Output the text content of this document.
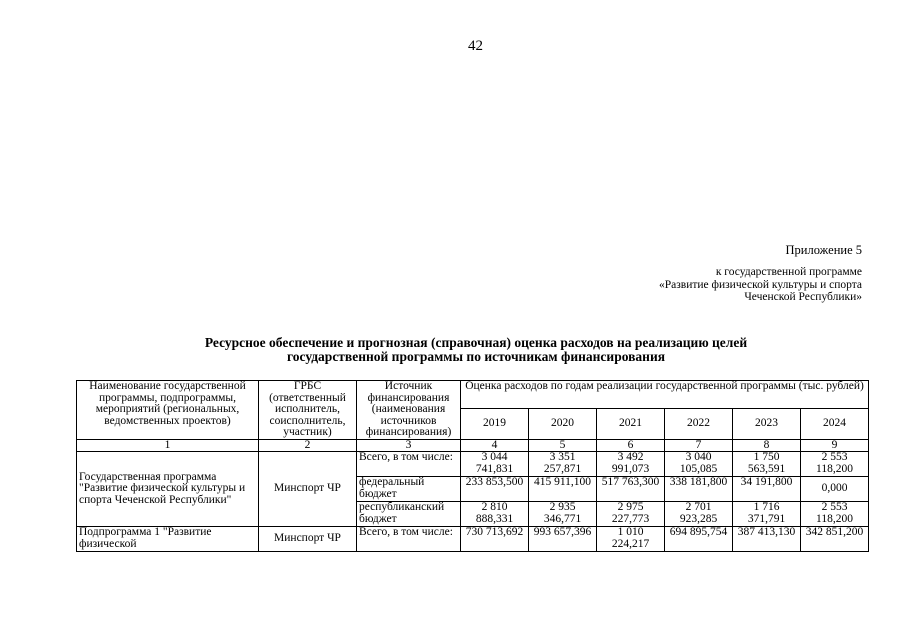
42
Приложение 5
к государственной программе
«Развитие физической культуры и спорта
Чеченской Республики»
Ресурсное обеспечение и прогнозная (справочная) оценка расходов на реализацию целей
государственной программы по источникам финансирования
Наименование государственной программы, подпрограммы, мероприятий (региональных, ведомственных проектов)	ГРБС (ответственный исполнитель, соисполнитель, участник)	Источник финансирования (наименования источников финансирования)	Оценка расходов по годам реализации государственной программы (тыс. рублей)					
			2019	2020	2021	2022	2023	2024
1	2	3	4	5	6	7	8	9
Государственная программа "Развитие физической культуры и спорта Чеченской Республики"	Минспорт ЧР	Всего, в том числе:	3 044 741,831	3 351 257,871	3 492 991,073	3 040 105,085	1 750 563,591	2 553 118,200
		федеральный бюджет	233 853,500	415 911,100	517 763,300	338 181,800	34 191,800	0,000
		республиканский бюджет	2 810 888,331	2 935 346,771	2 975 227,773	2 701 923,285	1 716 371,791	2 553 118,200
Подпрограмма 1 "Развитие физической	Минспорт ЧР	Всего, в том числе:	730 713,692	993 657,396	1 010 224,217	694 895,754	387 413,130	342 851,200
